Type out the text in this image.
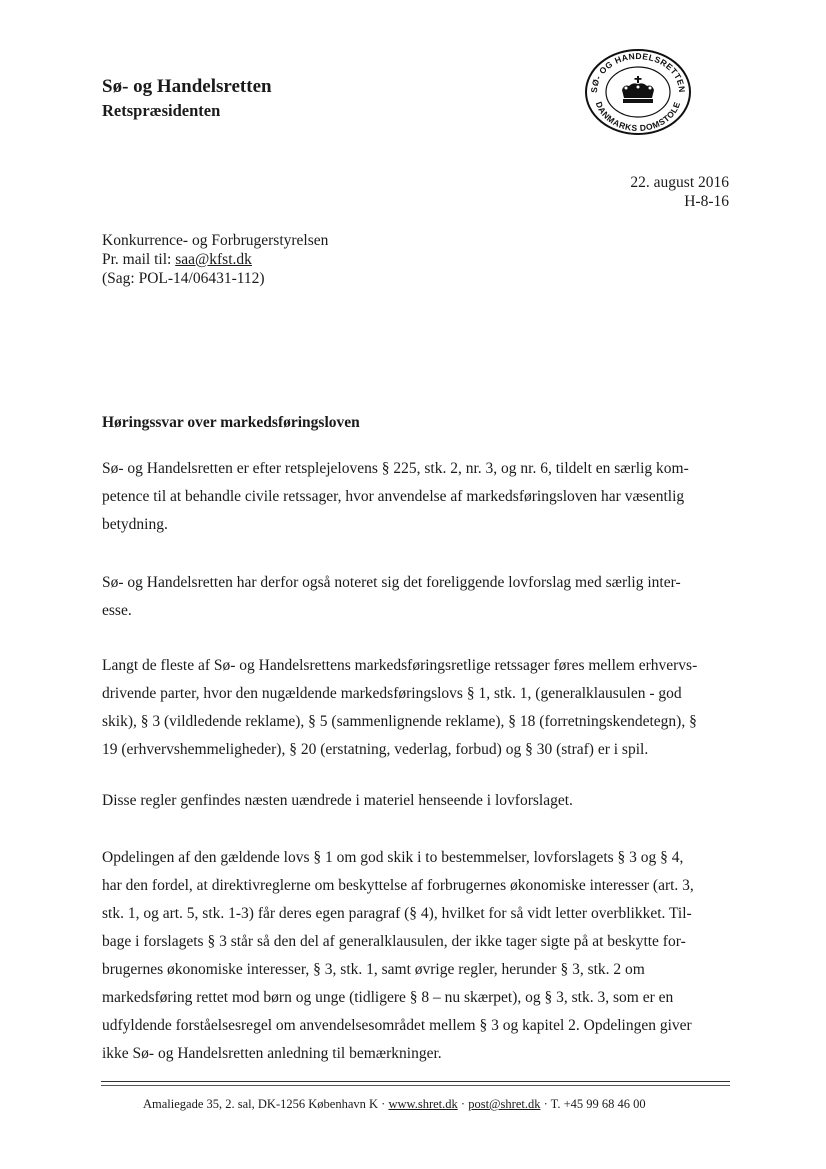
Sø- og Handelsretten
Retspræsidenten
SØ- OG HANDELSRETTEN
DANMARKS DOMSTOLE
22. august 2016
H-8-16
Konkurrence- og Forbrugerstyrelsen
Pr. mail til: saa@kfst.dk
(Sag: POL-14/06431-112)
Høringssvar over markedsføringsloven
Sø- og Handelsretten er efter retsplejelovens § 225, stk. 2, nr. 3, og nr. 6, tildelt en særlig kom-
petence til at behandle civile retssager, hvor anvendelse af markedsføringsloven har væsentlig
betydning.
Sø- og Handelsretten har derfor også noteret sig det foreliggende lovforslag med særlig inter-
esse.
Langt de fleste af Sø- og Handelsrettens markedsføringsretlige retssager føres mellem erhvervs-
drivende parter, hvor den nugældende markedsføringslovs § 1, stk. 1, (generalklausulen - god
skik), § 3 (vildledende reklame), § 5 (sammenlignende reklame), § 18 (forretningskendetegn), §
19 (erhvervshemmeligheder), § 20 (erstatning, vederlag, forbud) og § 30 (straf) er i spil.
Disse regler genfindes næsten uændrede i materiel henseende i lovforslaget.
Opdelingen af den gældende lovs § 1 om god skik i to bestemmelser, lovforslagets § 3 og § 4,
har den fordel, at direktivreglerne om beskyttelse af forbrugernes økonomiske interesser (art. 3,
stk. 1, og art. 5, stk. 1-3) får deres egen paragraf (§ 4), hvilket for så vidt letter overblikket. Til-
bage i forslagets § 3 står så den del af generalklausulen, der ikke tager sigte på at beskytte for-
brugernes økonomiske interesser, § 3, stk. 1, samt øvrige regler, herunder § 3, stk. 2 om
markedsføring rettet mod børn og unge (tidligere § 8 – nu skærpet), og § 3, stk. 3, som er en
udfyldende forståelsesregel om anvendelsesområdet mellem § 3 og kapitel 2. Opdelingen giver
ikke Sø- og Handelsretten anledning til bemærkninger.
Amaliegade 35, 2. sal, DK-1256 København K · www.shret.dk · post@shret.dk · T. +45 99 68 46 00
